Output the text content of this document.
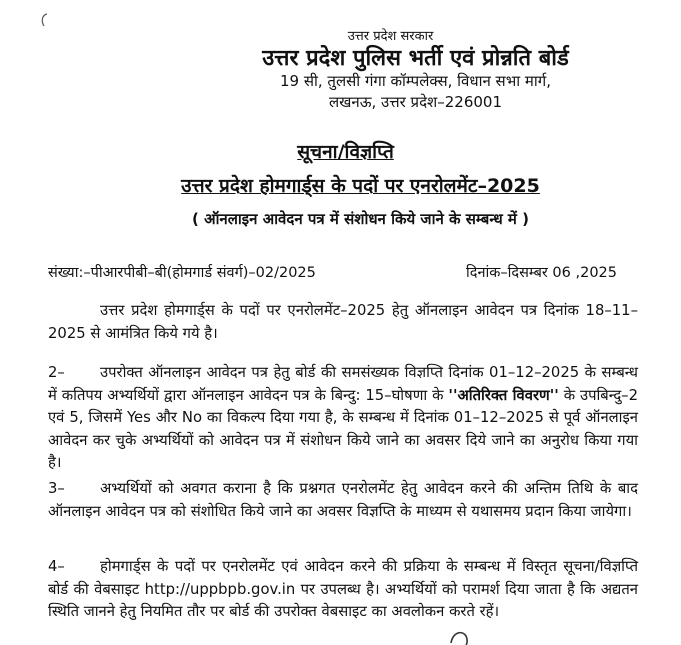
उत्तर प्रदेश सरकार
उत्तर प्रदेश पुलिस भर्ती एवं प्रोन्नति बोर्ड
19 सी, तुलसी गंगा कॉम्पलेक्स, विधान सभा मार्ग,
लखनऊ, उत्तर प्रदेश–226001
सूचना/विज्ञप्ति
उत्तर प्रदेश होमगार्ड्स के पदों पर एनरोलमेंट–2025
( ऑनलाइन आवेदन पत्र में संशोधन किये जाने के सम्बन्ध में )
संख्या:–पीआरपीबी–बी(होमगार्ड संवर्ग)–02/2025	दिनांक–दिसम्बर 06 ,2025
उत्तर प्रदेश होमगार्ड्स के पदों पर एनरोलमेंट–2025 हेतु ऑनलाइन आवेदन पत्र दिनांक 18–11–2025 से आमंत्रित किये गये है।
2– उपरोक्त ऑनलाइन आवेदन पत्र हेतु बोर्ड की समसंख्यक विज्ञप्ति दिनांक 01–12–2025 के सम्बन्ध में कतिपय अभ्यर्थियों द्वारा ऑनलाइन आवेदन पत्र के बिन्दु: 15–घोषणा के ''अतिरिक्त विवरण'' के उपबिन्दु–2 एवं 5, जिसमें Yes और No का विकल्प दिया गया है, के सम्बन्ध में दिनांक 01–12–2025 से पूर्व ऑनलाइन आवेदन कर चुके अभ्यर्थियों को आवेदन पत्र में संशोधन किये जाने का अवसर दिये जाने का अनुरोध किया गया है।
3– अभ्यर्थियों को अवगत कराना है कि प्रश्नगत एनरोलमेंट हेतु आवेदन करने की अन्तिम तिथि के बाद ऑनलाइन आवेदन पत्र को संशोधित किये जाने का अवसर विज्ञप्ति के माध्यम से यथासमय प्रदान किया जायेगा।
4– होमगार्ड्स के पदों पर एनरोलमेंट एवं आवेदन करने की प्रक्रिया के सम्बन्ध में विस्तृत सूचना/विज्ञप्ति बोर्ड की वेबसाइट http://uppbpb.gov.in पर उपलब्ध है। अभ्यर्थियों को परामर्श दिया जाता है कि अद्यतन स्थिति जानने हेतु नियमित तौर पर बोर्ड की उपरोक्त वेबसाइट का अवलोकन करते रहें।
